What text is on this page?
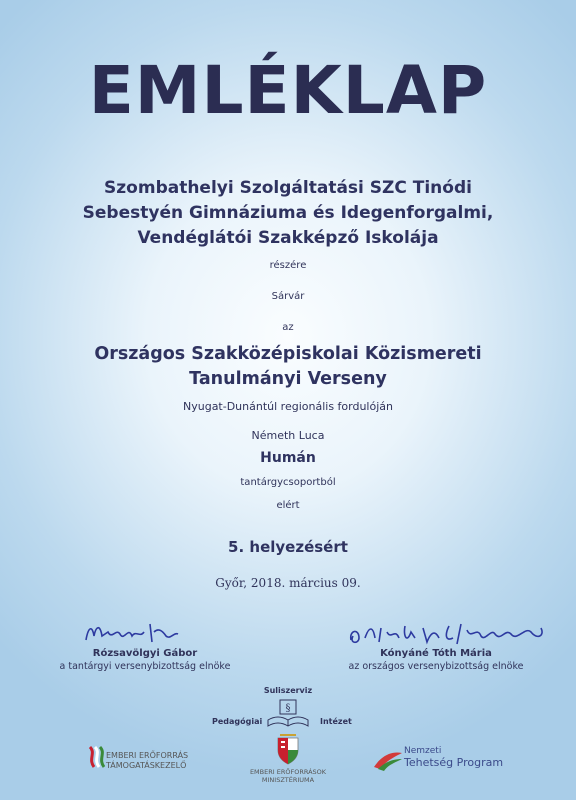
EMLÉKLAP
Szombathelyi Szolgáltatási SZC Tinódi
Sebestyén Gimnáziuma és Idegenforgalmi,
Vendéglátói Szakképző Iskolája
részére
Sárvár
az
Országos Szakközépiskolai Közismereti
Tanulmányi Verseny
Nyugat-Dunántúl regionális fordulóján
Németh Luca
Humán
tantárgycsoportból
elért
5. helyezésért
Győr, 2018. március 09.
Rózsavölgyi Gábor
a tantárgyi versenybizottság elnöke
Kónyáné Tóth Mária
az országos versenybizottság elnöke
Suliszerviz
§
Pedagógiai	Intézet
EMBERI ERŐFORRÁS
TÁMOGATÁSKEZELŐ
EMBERI ERŐFORRÁSOK
MINISZTÉRIUMA
Nemzeti
Tehetség Program
